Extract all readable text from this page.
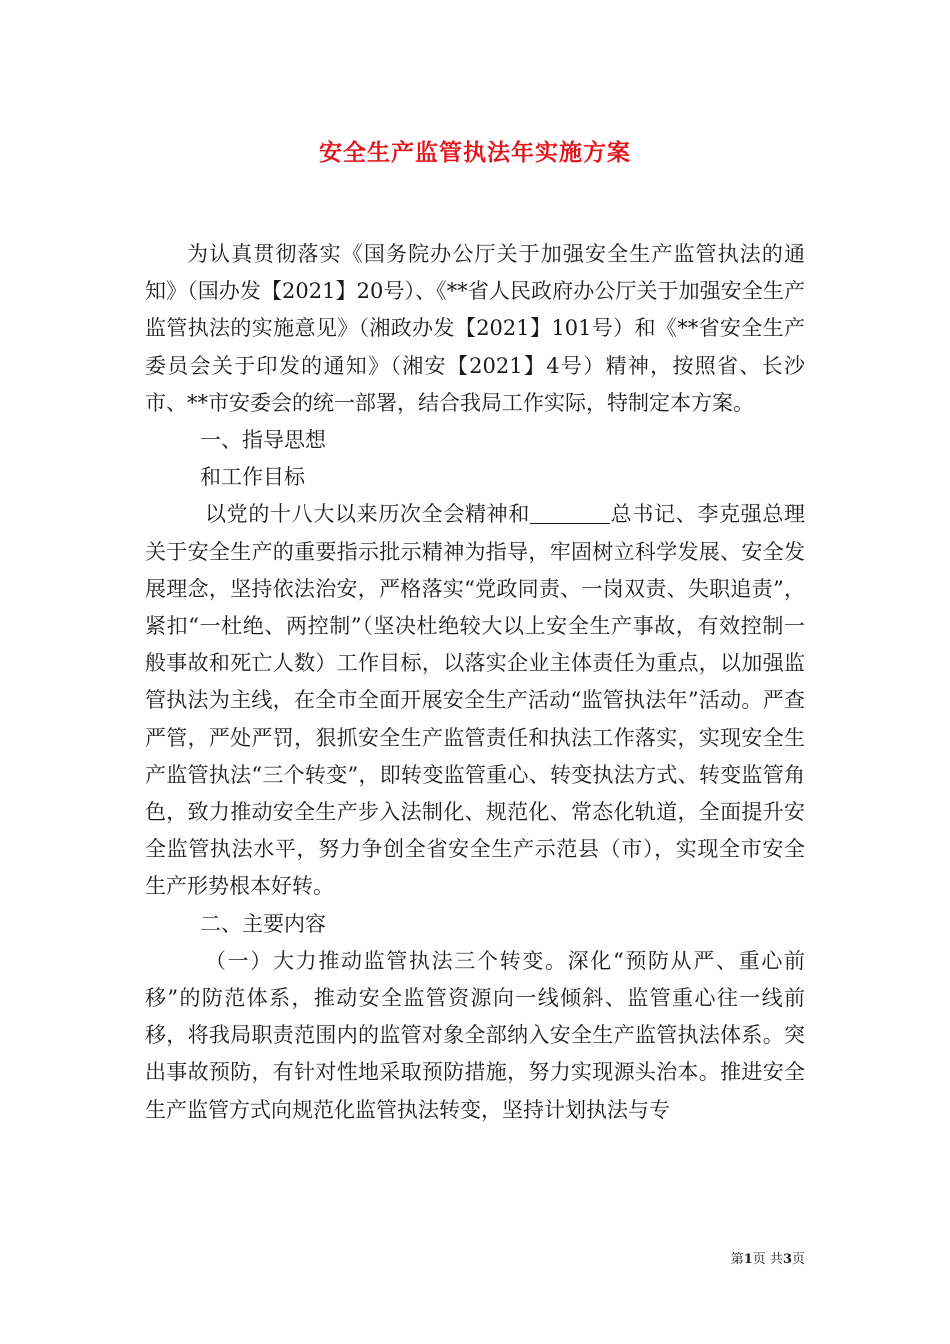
安全生产监管执法年实施方案

为认真贯彻落实《国务院办公厅关于加强安全生产监管执法的通知》（国办发【2021】20号）、《**省人民政府办公厅关于加强安全生产监管执法的实施意见》（湘政办发【2021】101号）和《**省安全生产委员会关于印发的通知》（湘安【2021】4号）精神，按照省、长沙市、**市安委会的统一部署，结合我局工作实际，特制定本方案。

一、指导思想

和工作目标

以党的十八大以来历次全会精神和	总书记、李克强总理关于安全生产的重要指示批示精神为指导，牢固树立科学发展、安全发展理念，坚持依法治安，严格落实“党政同责、一岗双责、失职追责”，紧扣“一杜绝、两控制”（坚决杜绝较大以上安全生产事故，有效控制一般事故和死亡人数）工作目标，以落实企业主体责任为重点，以加强监管执法为主线，在全市全面开展安全生产活动“监管执法年”活动。严查严管，严处严罚，狠抓安全生产监管责任和执法工作落实，实现安全生产监管执法“三个转变”，即转变监管重心、转变执法方式、转变监管角色，致力推动安全生产步入法制化、规范化、常态化轨道，全面提升安全监管执法水平，努力争创全省安全生产示范县（市），实现全市安全生产形势根本好转。

二、主要内容

（一）大力推动监管执法三个转变。深化“预防从严、重心前移”的防范体系，推动安全监管资源向一线倾斜、监管重心往一线前移，将我局职责范围内的监管对象全部纳入安全生产监管执法体系。突出事故预防，有针对性地采取预防措施，努力实现源头治本。推进安全生产监管方式向规范化监管执法转变，坚持计划执法与专

第1页 共3页
